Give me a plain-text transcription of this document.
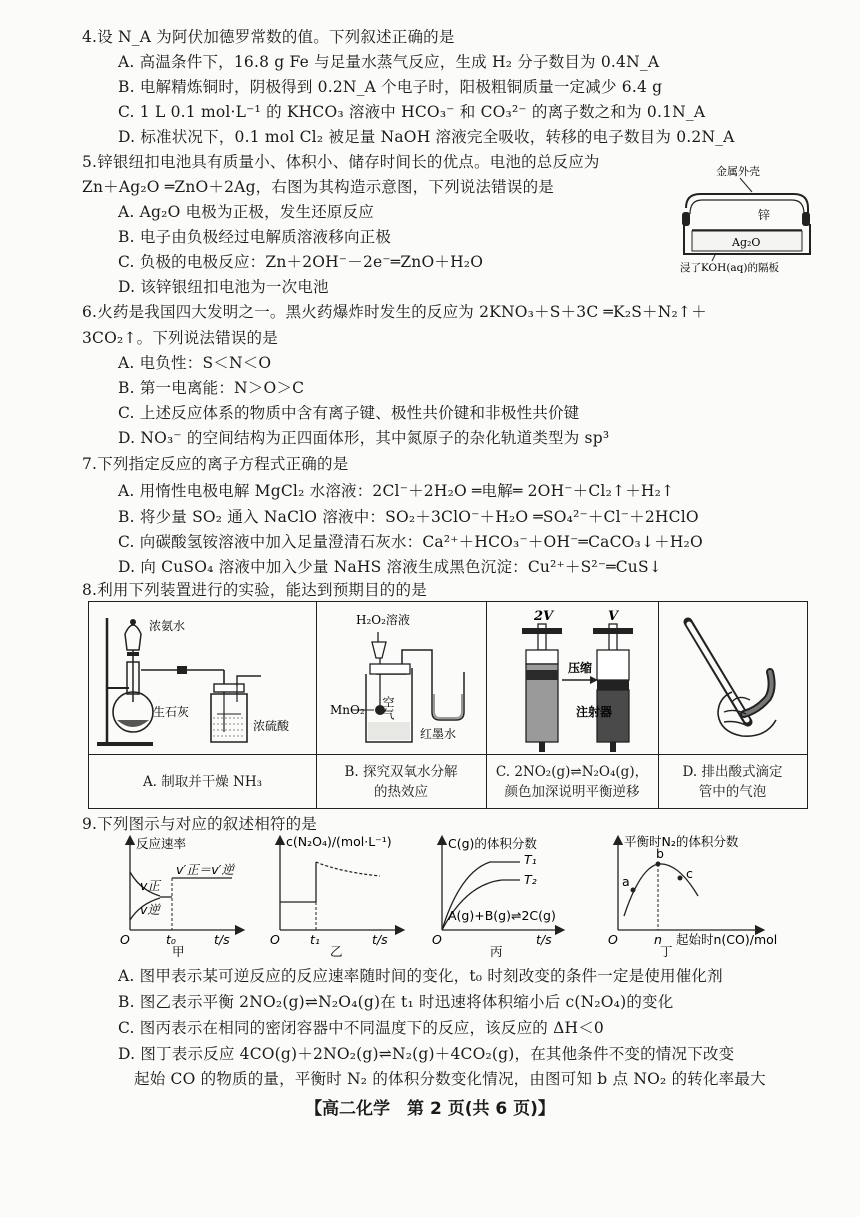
4.设 N_A 为阿伏加德罗常数的值。下列叙述正确的是
A. 高温条件下，16.8 g Fe 与足量水蒸气反应，生成 H₂ 分子数目为 0.4N_A
B. 电解精炼铜时，阴极得到 0.2N_A 个电子时，阳极粗铜质量一定减少 6.4 g
C. 1 L 0.1 mol·L⁻¹ 的 KHCO₃ 溶液中 HCO₃⁻ 和 CO₃²⁻ 的离子数之和为 0.1N_A
D. 标准状况下，0.1 mol Cl₂ 被足量 NaOH 溶液完全吸收，转移的电子数目为 0.2N_A
5.锌银纽扣电池具有质量小、体积小、储存时间长的优点。电池的总反应为
Zn＋Ag₂O ═ZnO＋2Ag，右图为其构造示意图，下列说法错误的是
A. Ag₂O 电极为正极，发生还原反应
B. 电子由负极经过电解质溶液移向正极
C. 负极的电极反应：Zn＋2OH⁻－2e⁻═ZnO＋H₂O
D. 该锌银纽扣电池为一次电池
金属外壳
锌
Ag₂O
浸了KOH(aq)的隔板
6.火药是我国四大发明之一。黑火药爆炸时发生的反应为 2KNO₃＋S＋3C ═K₂S＋N₂↑＋
3CO₂↑。下列说法错误的是
A. 电负性：S＜N＜O
B. 第一电离能：N＞O＞C
C. 上述反应体系的物质中含有离子键、极性共价键和非极性共价键
D. NO₃⁻ 的空间结构为正四面体形，其中氮原子的杂化轨道类型为 sp³
7.下列指定反应的离子方程式正确的是
A. 用惰性电极电解 MgCl₂ 水溶液：2Cl⁻＋2H₂O ═电解═ 2OH⁻＋Cl₂↑＋H₂↑
B. 将少量 SO₂ 通入 NaClO 溶液中：SO₂＋3ClO⁻＋H₂O ═SO₄²⁻＋Cl⁻＋2HClO
C. 向碳酸氢铵溶液中加入足量澄清石灰水：Ca²⁺＋HCO₃⁻＋OH⁻═CaCO₃↓＋H₂O
D. 向 CuSO₄ 溶液中加入少量 NaHS 溶液生成黑色沉淀：Cu²⁺＋S²⁻═CuS↓
8.利用下列装置进行的实验，能达到预期目的的是
浓氨水
生石灰
浓硫酸
A. 制取并干燥 NH₃
H₂O₂溶液
MnO₂ 空气
红墨水
B. 探究双氧水分解
的热效应
2V	V
压缩
注射器
C. 2NO₂(g)⇌N₂O₄(g)，
颜色加深说明平衡逆移
D. 排出酸式滴定
管中的气泡
9.下列图示与对应的叙述相符的是
反应速率
v′正＝v′逆
v正
v逆
O	t₀	t/s
甲
c(N₂O₄)/(mol·L⁻¹)
O t₁	t/s
乙
C(g)的体积分数
T₁
T₂
A(g)+B(g)⇌2C(g)
O	t/s
丙
平衡时N₂的体积分数
a
b
c
O	n 起始时n(CO)/mol
丁
A. 图甲表示某可逆反应的反应速率随时间的变化，t₀ 时刻改变的条件一定是使用催化剂
B. 图乙表示平衡 2NO₂(g)⇌N₂O₄(g)在 t₁ 时迅速将体积缩小后 c(N₂O₄)的变化
C. 图丙表示在相同的密闭容器中不同温度下的反应，该反应的 ΔH＜0
D. 图丁表示反应 4CO(g)＋2NO₂(g)⇌N₂(g)＋4CO₂(g)，在其他条件不变的情况下改变
起始 CO 的物质的量，平衡时 N₂ 的体积分数变化情况，由图可知 b 点 NO₂ 的转化率最大
【高二化学　第 2 页(共 6 页)】
